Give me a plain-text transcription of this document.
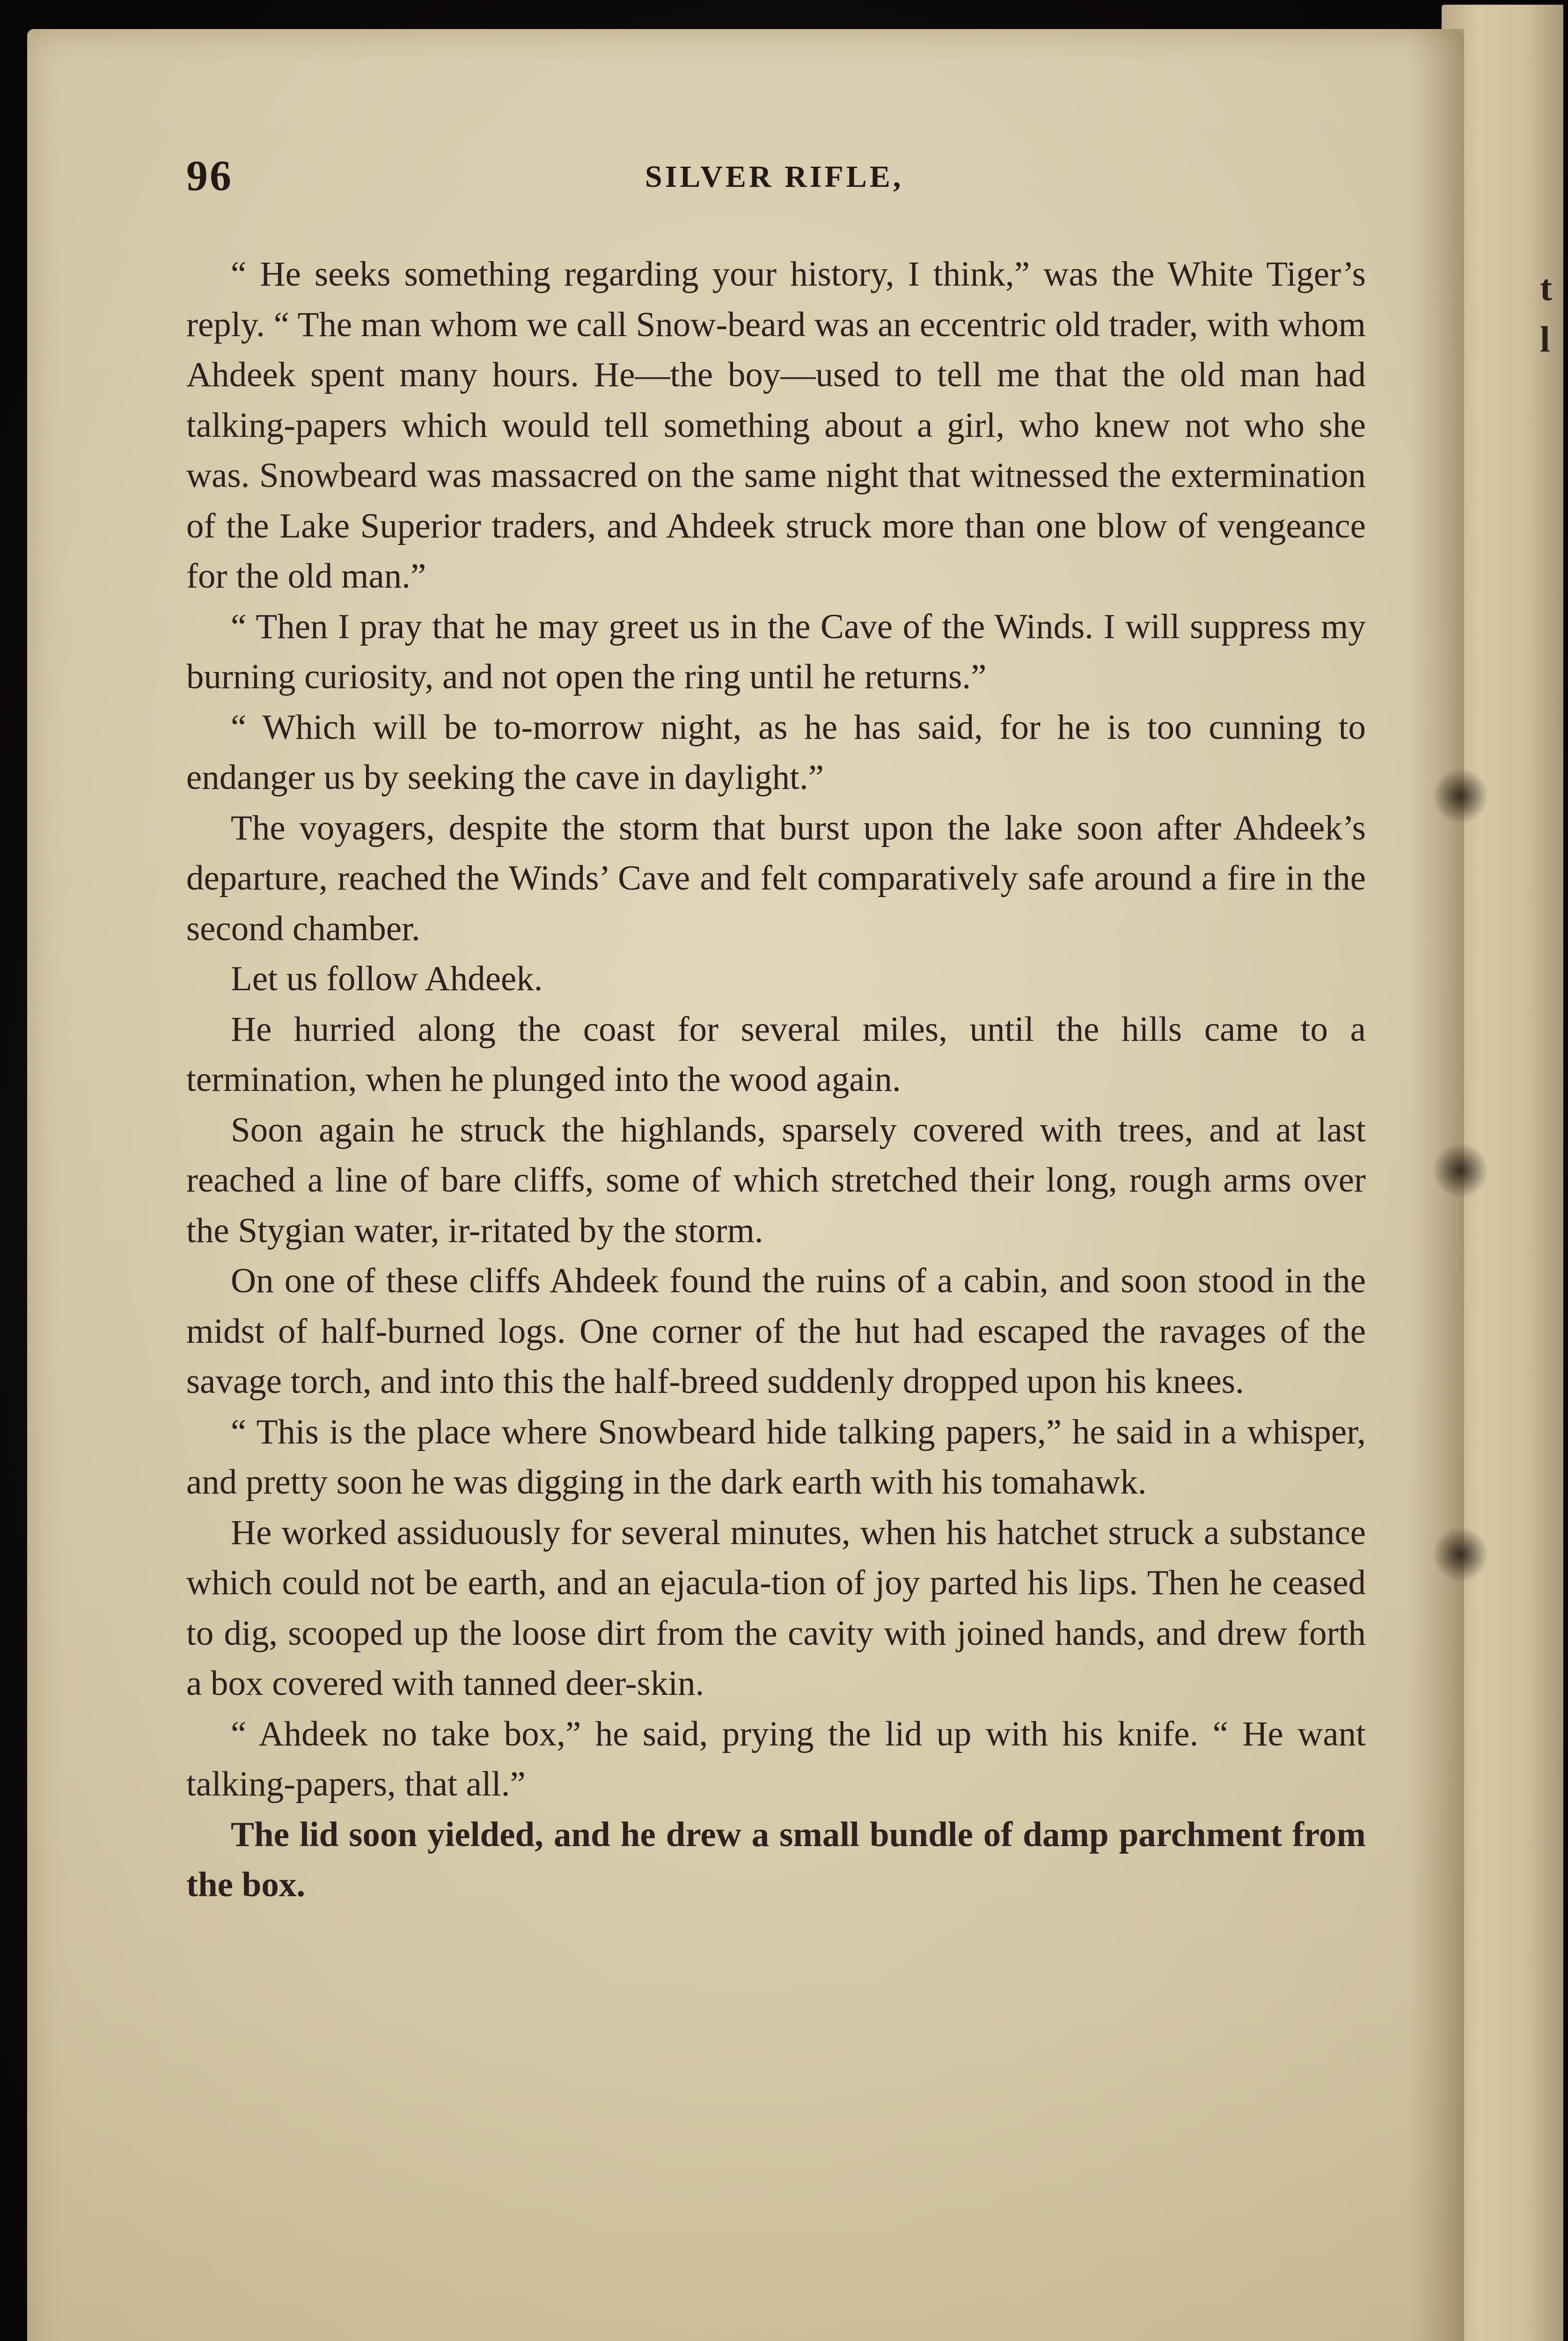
t
l
96	SILVER RIFLE,

“ He seeks something regarding your history, I think,” was the White Tiger’s reply. “ The man whom we call Snow-beard was an eccentric old trader, with whom Ahdeek spent many hours. He—the boy—used to tell me that the old man had talking-papers which would tell something about a girl, who knew not who she was. Snowbeard was massacred on the same night that witnessed the extermination of the Lake Superior traders, and Ahdeek struck more than one blow of vengeance for the old man.”

“ Then I pray that he may greet us in the Cave of the Winds. I will suppress my burning curiosity, and not open the ring until he returns.”

“ Which will be to-morrow night, as he has said, for he is too cunning to endanger us by seeking the cave in daylight.”

The voyagers, despite the storm that burst upon the lake soon after Ahdeek’s departure, reached the Winds’ Cave and felt comparatively safe around a fire in the second chamber.

Let us follow Ahdeek.

He hurried along the coast for several miles, until the hills came to a termination, when he plunged into the wood again.

Soon again he struck the highlands, sparsely covered with trees, and at last reached a line of bare cliffs, some of which stretched their long, rough arms over the Stygian water, ir-ritated by the storm.

On one of these cliffs Ahdeek found the ruins of a cabin, and soon stood in the midst of half-burned logs. One corner of the hut had escaped the ravages of the savage torch, and into this the half-breed suddenly dropped upon his knees.

“ This is the place where Snowbeard hide talking papers,” he said in a whisper, and pretty soon he was digging in the dark earth with his tomahawk.

He worked assiduously for several minutes, when his hatchet struck a substance which could not be earth, and an ejacula-tion of joy parted his lips. Then he ceased to dig, scooped up the loose dirt from the cavity with joined hands, and drew forth a box covered with tanned deer-skin.

“ Ahdeek no take box,” he said, prying the lid up with his knife. “ He want talking-papers, that all.”

The lid soon yielded, and he drew a small bundle of damp parchment from the box.
